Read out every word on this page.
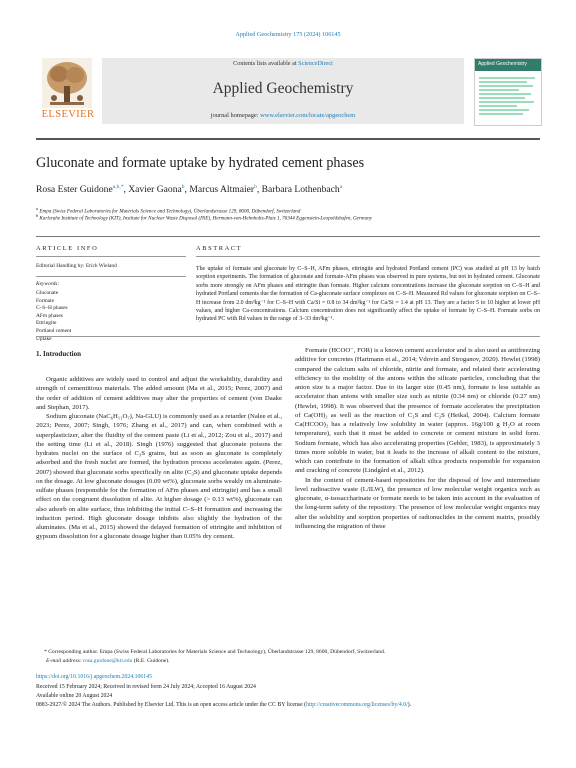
Applied Geochemistry 175 (2024) 106145
ELSEVIER
Contents lists available at ScienceDirect
Applied Geochemistry
journal homepage: www.elsevier.com/locate/apgeochem
Applied Geochemistry
Gluconate and formate uptake by hydrated cement phases
Rosa Ester Guidone$^{a,b,*}$, Xavier Gaona$^b$, Marcus Altmaier$^b$, Barbara Lothenbach$^a$
$^a$ Empa (Swiss Federal Laboratories for Materials Science and Technology), Überlandstrasse 129, 8600, Dübendorf, Switzerland
$^b$ Karlsruhe Institute of Technology (KIT), Institute for Nuclear Waste Disposal (INE), Hermann-von-Helmholtz-Platz 1, 76344 Eggenstein-Leopoldshafen, Germany
ARTICLE INFO	ABSTRACT
Editorial Handling by: Erich Wieland
Keywords:
Gluconate
Formate
C–S–H phases
AFm phases
Ettringite
Portland cement
Uptake
The uptake of formate and gluconate by C–S–H, AFm phases, ettringite and hydrated Portland cement (PC) was studied at pH 13 by batch sorption experiments. The formation of gluconate and formate-AFm phases was observed in pure systems, but not in hydrated cement. Gluconate sorbs more strongly on AFm phases and ettringite than formate. Higher calcium concentrations increase the gluconate sorption on C–S–H and hydrated Portland cements due the formation of Ca-gluconate surface complexes on C–S–H. Measured Rd values for gluconate sorption on C–S–H increase from 2.0 dm³kg⁻¹ for C–S–H with Ca/Si = 0.8 to 34 dm³kg⁻¹ for Ca/Si = 1.4 at pH 13. They are a factor 5 to 10 higher at lower pH values, and higher Ca-concentrations. Calcium concentration does not significantly affect the uptake of formate by C–S–H. Formate sorbs on hydrated PC with Rd values in the range of 3–33 dm³kg⁻¹.
1. Introduction

Organic additives are widely used to control and adjust the workability, durability and strength of cementitious materials. The added amount (Ma et al., 2015; Perez, 2007) and the order of addition of cement additives may alter the properties of cement (von Daake and Stephan, 2017).

Sodium gluconate (NaC₆H₁₁O₇), Na-GLU) is commonly used as a retarder (Nalee et al., 2023; Perez, 2007; Singh, 1976; Zhang et al., 2017) and can, when combined with a superplasticizer, alter the fluidity of the cement paste (Li et al., 2012; Zou et al., 2017) and the setting time (Li et al., 2018). Singh (1976) suggested that gluconate poisons the hydrates nuclei on the surface of C₃S grains, but as soon as gluconate is completely adsorbed and the fresh nuclei are formed, the hydration process accelerates again. (Perez, 2007) showed that gluconate sorbs specifically on alite (C₃S) and gluconate uptake depends on the dosage. At low gluconate dosages (0.09 wt%), gluconate sorbs weakly on aluminate-sulfate phases (responsible for the formation of AFm phases and ettringite) and has a small effect on the congruent dissolution of alite. At higher dosage (> 0.13 wt%), gluconate can also adsorb on alite surface, thus inhibiting the initial C–S–H formation and increasing the induction period. High gluconate dosage inhibits also slightly the hydration of the aluminates. (Ma et al., 2015) showed the delayed formation of ettringite and inhibition of gypsum dissolution for a gluconate dosage higher than 0.05% dry cement.

Formate (HCOO⁻, FOR) is a known cement accelerator and is also used as antifreezing additive for concretes (Hartmann et al., 2014; Vdovin and Stroganov, 2020). Hewlet (1998) compared the calcium salts of chloride, nitrite and formate, and related their accelerating efficiency to the mobility of the anions within the silicate particles, concluding that the anion size is a major factor. Due to its larger size (0.45 nm), formate is less suitable as accelerator than anions with smaller size such as nitrite (0.34 nm) or chloride (0.27 nm) (Hewlet, 1998). It was observed that the presence of formate accelerates the precipitation of Ca(OH)₂ as well as the reaction of C₃S and C₂S (Heikal, 2004). Calcium formate Ca(HCOO)₂ has a relatively low solubility in water (approx. 16g/100 g H₂O at room temperature), such that it must be added to concrete or cement mixture in solid form. Sodium formate, which has also accelerating properties (Gebler, 1983), is approximately 3 times more soluble in water, but it leads to the increase of alkali content to the mixture, which can contribute to the formation of alkali silica products responsible for expansion and cracking of concrete (Lindgård et al., 2012).

In the context of cement-based repositories for the disposal of low and intermediate level radioactive waste (L/ILW), the presence of low molecular weight organics such as gluconate, α-isosaccharinate or formate needs to be taken into account in the evaluation of the long-term safety of the repository. The presence of low molecular weight organics may alter the solubility and sorption properties of radionuclides in the cement matrix, possibly influencing the migration of these

* Corresponding author. Empa (Swiss Federal Laboratories for Materials Science and Technology), Überlandstrasse 129, 8600, Dübendorf, Switzerland.
E-mail address: rosa.guidone@kit.edu (R.E. Guidone).
https://doi.org/10.1016/j.apgeochem.2024.106145
Received 15 February 2024; Received in revised form 24 July 2024; Accepted 16 August 2024
Available online 20 August 2024
0883-2927/© 2024 The Authors. Published by Elsevier Ltd. This is an open access article under the CC BY license (http://creativecommons.org/licenses/by/4.0/).
